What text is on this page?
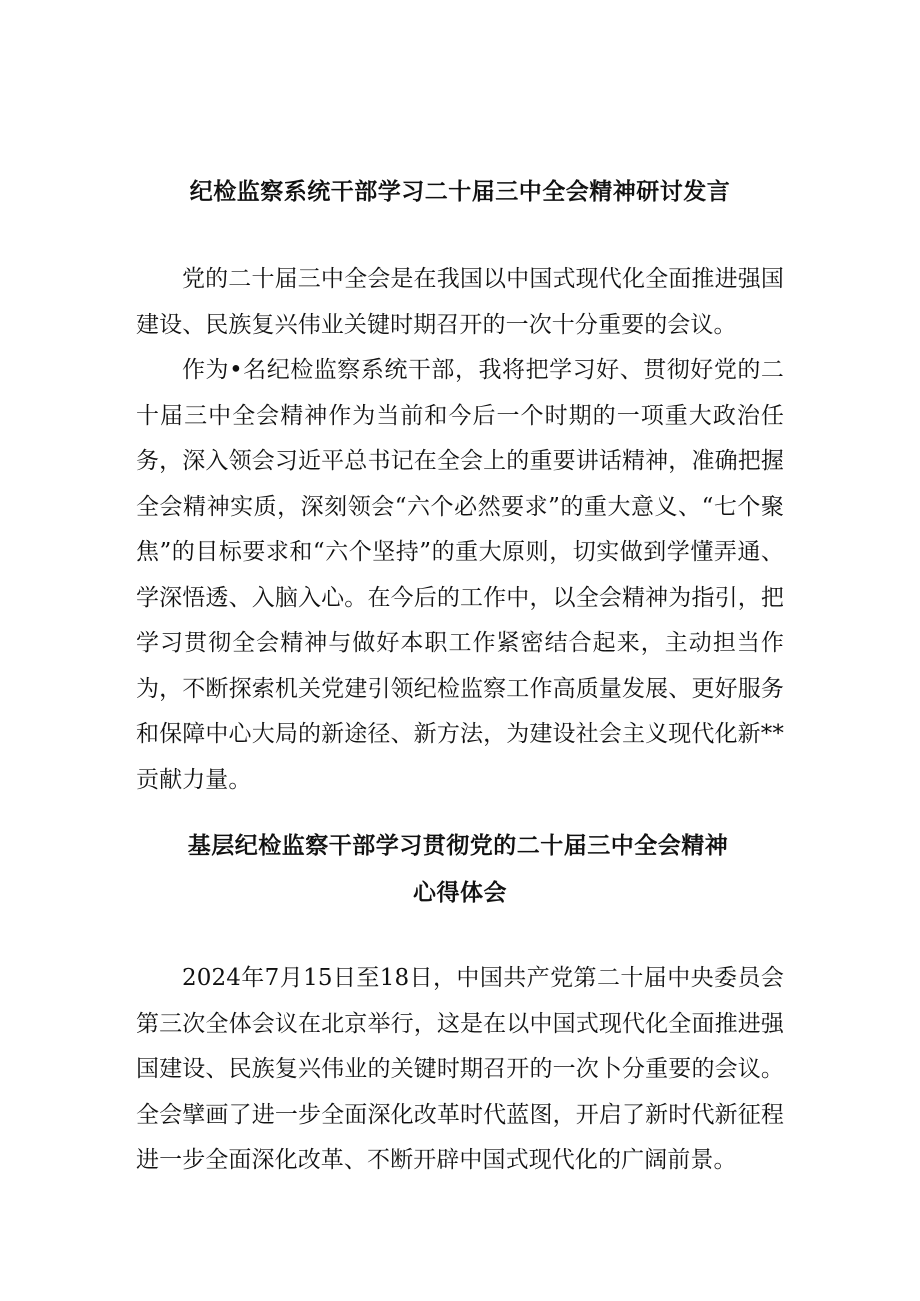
纪检监察系统干部学习二十届三中全会精神研讨发言

党的二十届三中全会是在我国以中国式现代化全面推进强国建设、民族复兴伟业关键时期召开的一次十分重要的会议。

作为•名纪检监察系统干部，我将把学习好、贯彻好党的二十届三中全会精神作为当前和今后一个时期的一项重大政治任务，深入领会习近平总书记在全会上的重要讲话精神，准确把握全会精神实质，深刻领会“六个必然要求”的重大意义、“七个聚焦”的目标要求和“六个坚持”的重大原则，切实做到学懂弄通、学深悟透、入脑入心。在今后的工作中，以全会精神为指引，把学习贯彻全会精神与做好本职工作紧密结合起来，主动担当作为，不断探索机关党建引领纪检监察工作高质量发展、更好服务和保障中心大局的新途径、新方法，为建设社会主义现代化新**贡献力量。

基层纪检监察干部学习贯彻党的二十届三中全会精神
心得体会

2024年7月15日至18日，中国共产党第二十届中央委员会第三次全体会议在北京举行，这是在以中国式现代化全面推进强国建设、民族复兴伟业的关键时期召开的一次卜分重要的会议。全会擘画了进一步全面深化改革时代蓝图，开启了新时代新征程进一步全面深化改革、不断开辟中国式现代化的广阔前景。
